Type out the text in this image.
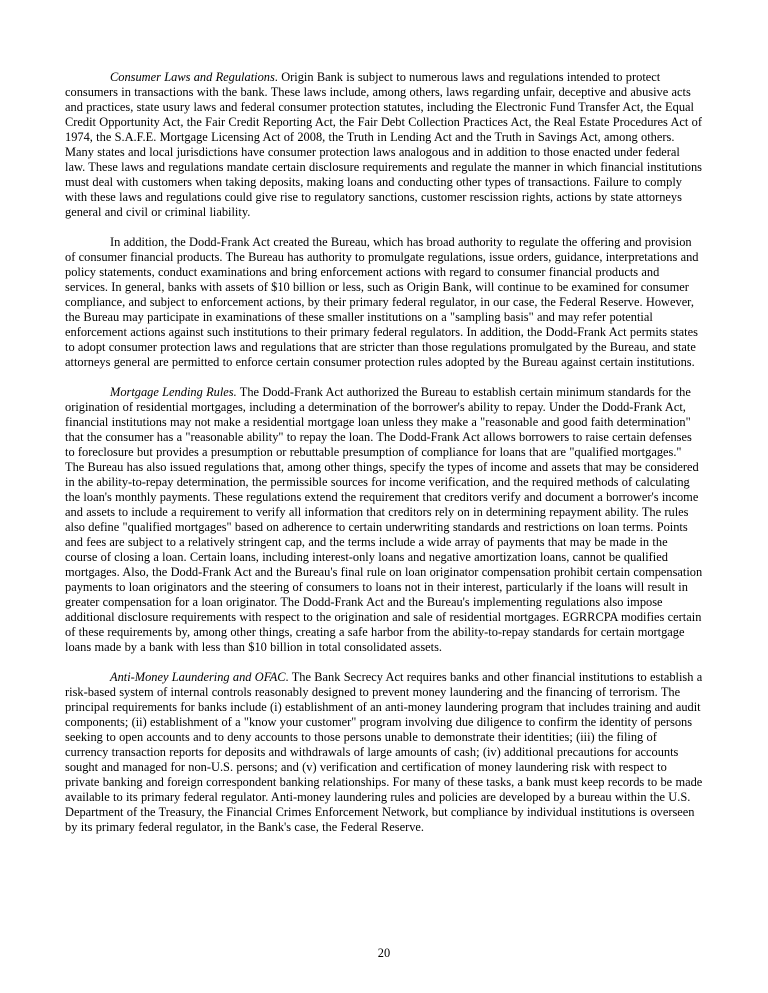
Consumer Laws and Regulations. Origin Bank is subject to numerous laws and regulations intended to protect consumers in transactions with the bank. These laws include, among others, laws regarding unfair, deceptive and abusive acts and practices, state usury laws and federal consumer protection statutes, including the Electronic Fund Transfer Act, the Equal Credit Opportunity Act, the Fair Credit Reporting Act, the Fair Debt Collection Practices Act, the Real Estate Procedures Act of 1974, the S.A.F.E. Mortgage Licensing Act of 2008, the Truth in Lending Act and the Truth in Savings Act, among others. Many states and local jurisdictions have consumer protection laws analogous and in addition to those enacted under federal law. These laws and regulations mandate certain disclosure requirements and regulate the manner in which financial institutions must deal with customers when taking deposits, making loans and conducting other types of transactions. Failure to comply with these laws and regulations could give rise to regulatory sanctions, customer rescission rights, actions by state attorneys general and civil or criminal liability.

In addition, the Dodd-Frank Act created the Bureau, which has broad authority to regulate the offering and provision of consumer financial products. The Bureau has authority to promulgate regulations, issue orders, guidance, interpretations and policy statements, conduct examinations and bring enforcement actions with regard to consumer financial products and services. In general, banks with assets of $10 billion or less, such as Origin Bank, will continue to be examined for consumer compliance, and subject to enforcement actions, by their primary federal regulator, in our case, the Federal Reserve. However, the Bureau may participate in examinations of these smaller institutions on a "sampling basis" and may refer potential enforcement actions against such institutions to their primary federal regulators. In addition, the Dodd-Frank Act permits states to adopt consumer protection laws and regulations that are stricter than those regulations promulgated by the Bureau, and state attorneys general are permitted to enforce certain consumer protection rules adopted by the Bureau against certain institutions.

Mortgage Lending Rules. The Dodd-Frank Act authorized the Bureau to establish certain minimum standards for the origination of residential mortgages, including a determination of the borrower's ability to repay. Under the Dodd-Frank Act, financial institutions may not make a residential mortgage loan unless they make a "reasonable and good faith determination" that the consumer has a "reasonable ability" to repay the loan. The Dodd-Frank Act allows borrowers to raise certain defenses to foreclosure but provides a presumption or rebuttable presumption of compliance for loans that are "qualified mortgages." The Bureau has also issued regulations that, among other things, specify the types of income and assets that may be considered in the ability-to-repay determination, the permissible sources for income verification, and the required methods of calculating the loan's monthly payments. These regulations extend the requirement that creditors verify and document a borrower's income and assets to include a requirement to verify all information that creditors rely on in determining repayment ability. The rules also define "qualified mortgages" based on adherence to certain underwriting standards and restrictions on loan terms. Points and fees are subject to a relatively stringent cap, and the terms include a wide array of payments that may be made in the course of closing a loan. Certain loans, including interest-only loans and negative amortization loans, cannot be qualified mortgages. Also, the Dodd-Frank Act and the Bureau's final rule on loan originator compensation prohibit certain compensation payments to loan originators and the steering of consumers to loans not in their interest, particularly if the loans will result in greater compensation for a loan originator. The Dodd-Frank Act and the Bureau's implementing regulations also impose additional disclosure requirements with respect to the origination and sale of residential mortgages. EGRRCPA modifies certain of these requirements by, among other things, creating a safe harbor from the ability-to-repay standards for certain mortgage loans made by a bank with less than $10 billion in total consolidated assets.

Anti-Money Laundering and OFAC. The Bank Secrecy Act requires banks and other financial institutions to establish a risk-based system of internal controls reasonably designed to prevent money laundering and the financing of terrorism. The principal requirements for banks include (i) establishment of an anti-money laundering program that includes training and audit components; (ii) establishment of a "know your customer" program involving due diligence to confirm the identity of persons seeking to open accounts and to deny accounts to those persons unable to demonstrate their identities; (iii) the filing of currency transaction reports for deposits and withdrawals of large amounts of cash; (iv) additional precautions for accounts sought and managed for non-U.S. persons; and (v) verification and certification of money laundering risk with respect to private banking and foreign correspondent banking relationships. For many of these tasks, a bank must keep records to be made available to its primary federal regulator. Anti-money laundering rules and policies are developed by a bureau within the U.S. Department of the Treasury, the Financial Crimes Enforcement Network, but compliance by individual institutions is overseen by its primary federal regulator, in the Bank's case, the Federal Reserve.

20
